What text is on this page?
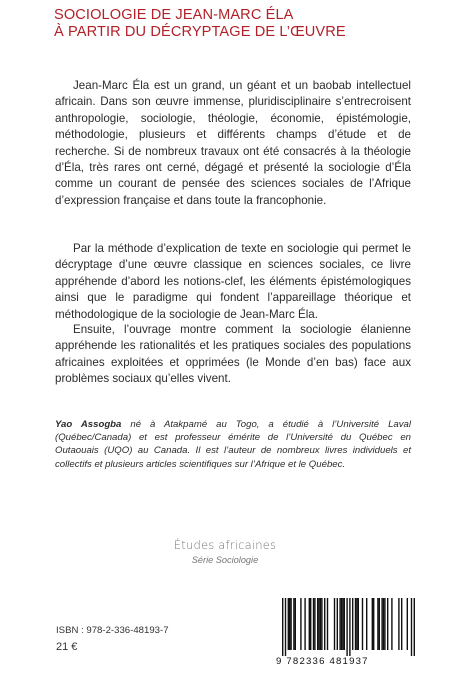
SOCIOLOGIE DE JEAN-MARC ÉLA
À PARTIR DU DÉCRYPTAGE DE L’ŒUVRE

Jean-Marc Éla est un grand, un géant et un baobab intellectuel africain. Dans son œuvre immense, pluridisciplinaire s’entrecroisent anthropologie, sociologie, théologie, économie, épistémologie, méthodologie, plusieurs et différents champs d’étude et de recherche. Si de nombreux travaux ont été consacrés à la théologie d’Éla, très rares ont cerné, dégagé et présenté la sociologie d’Éla comme un courant de pensée des sciences sociales de l’Afrique d’expression française et dans toute la francophonie.

Par la méthode d’explication de texte en sociologie qui permet le décryptage d’une œuvre classique en sciences sociales, ce livre appréhende d’abord les notions-clef, les éléments épistémologiques ainsi que le paradigme qui fondent l’appareillage théorique et méthodologique de la sociologie de Jean-Marc Éla.

Ensuite, l’ouvrage montre comment la sociologie élanienne appréhende les rationalités et les pratiques sociales des populations africaines exploitées et opprimées (le Monde d’en bas) face aux problèmes sociaux qu’elles vivent.

Yao Assogba né à Atakpamé au Togo, a étudié à l’Université Laval (Québec/Canada) et est professeur émérite de l’Université du Québec en Outaouais (UQO) au Canada. Il est l’auteur de nombreux livres individuels et collectifs et plusieurs articles scientifiques sur l’Afrique et le Québec.

Études africaines
Série Sociologie
ISBN : 978-2-336-48193-7
21 €
9 782336 481937
